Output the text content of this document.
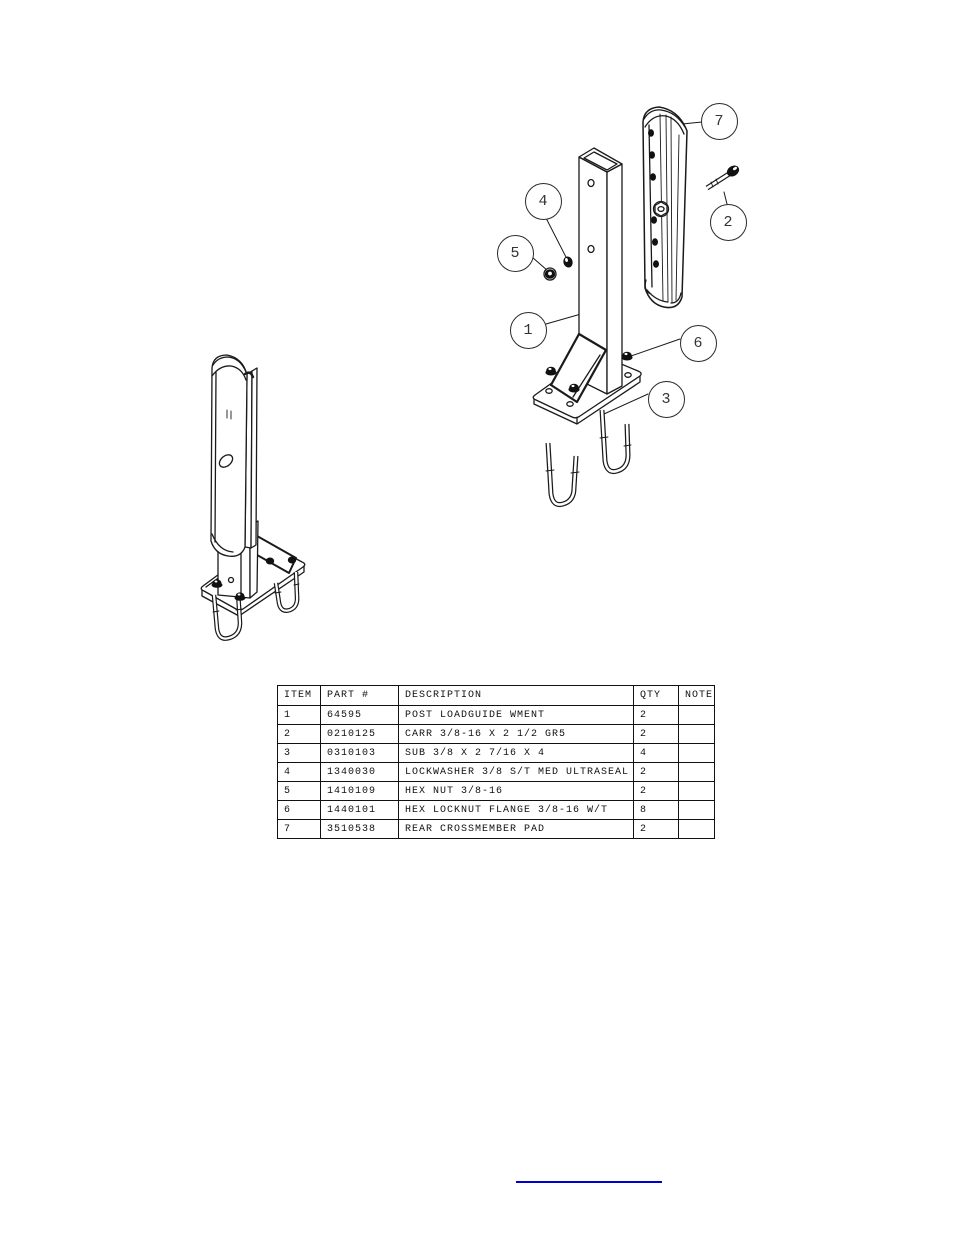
7
2
4
5
1
6
3
ITEM	PART #	DESCRIPTION	QTY	NOTE
1	64595	POST LOADGUIDE WMENT	2	
2	0210125	CARR 3/8-16 X 2 1/2 GR5	2	
3	0310103	SUB 3/8 X 2 7/16 X 4	4	
4	1340030	LOCKWASHER 3/8 S/T MED ULTRASEAL	2	
5	1410109	HEX NUT 3/8-16	2	
6	1440101	HEX LOCKNUT FLANGE 3/8-16 W/T	8	
7	3510538	REAR CROSSMEMBER PAD	2	
